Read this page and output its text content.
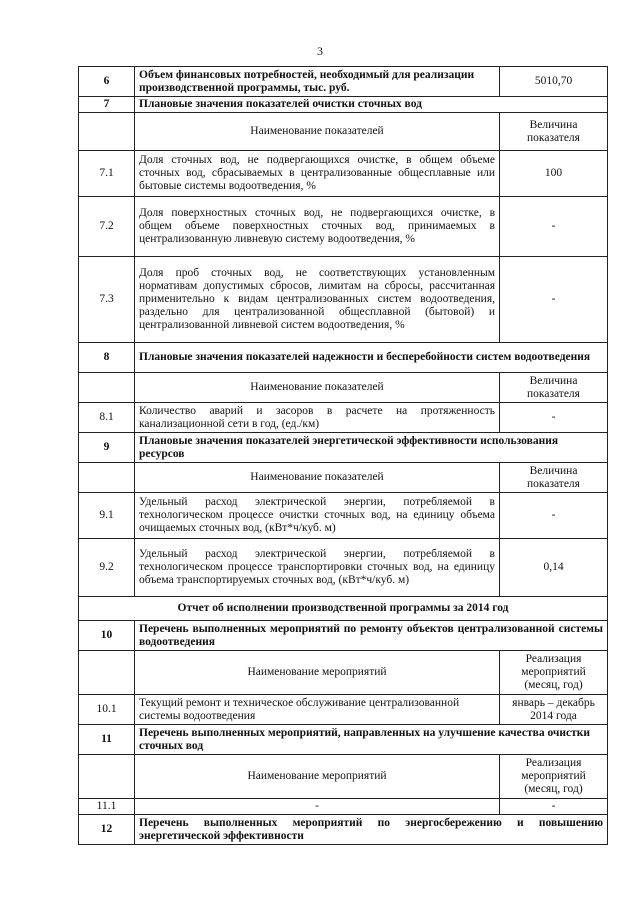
3
6	Объем финансовых потребностей, необходимый для реализации производственной программы, тыс. руб.	5010,70
7	Плановые значения показателей очистки сточных вод	
	Наименование показателей	Величина показателя
7.1	Доля сточных вод, не подвергающихся очистке, в общем объеме сточных вод, сбрасываемых в централизованные общесплавные или бытовые системы водоотведения, %	100
7.2	Доля поверхностных сточных вод, не подвергающихся очистке, в общем объеме поверхностных сточных вод, принимаемых в централизованную ливневую систему водоотведения, %	-
7.3	Доля проб сточных вод, не соответствующих установленным нормативам допустимых сбросов, лимитам на сбросы, рассчитанная применительно к видам централизованных систем водоотведения, раздельно для централизованной общесплавной (бытовой) и централизованной ливневой систем водоотведения, %	-
8	Плановые значения показателей надежности и бесперебойности систем водоотведения	
	Наименование показателей	Величина показателя
8.1	Количество аварий и засоров в расчете на протяженность канализационной сети в год, (ед./км)	-
9	Плановые значения показателей энергетической эффективности использования ресурсов	
	Наименование показателей	Величина показателя
9.1	Удельный расход электрической энергии, потребляемой в технологическом процессе очистки сточных вод, на единицу объема очищаемых сточных вод, (кВт*ч/куб. м)	-
9.2	Удельный расход электрической энергии, потребляемой в технологическом процессе транспортировки сточных вод, на единицу объема транспортируемых сточных вод, (кВт*ч/куб. м)	0,14
Отчет об исполнении производственной программы за 2014 год		
10	Перечень выполненных мероприятий по ремонту объектов централизованной системы водоотведения	
	Наименование мероприятий	Реализация мероприятий (месяц, год)
10.1	Текущий ремонт и техническое обслуживание централизованной системы водоотведения	январь – декабрь 2014 года
11	Перечень выполненных мероприятий, направленных на улучшение качества очистки сточных вод	
	Наименование мероприятий	Реализация мероприятий (месяц, год)
11.1	-	-
12	Перечень выполненных мероприятий по энергосбережению и повышению энергетической эффективности	
